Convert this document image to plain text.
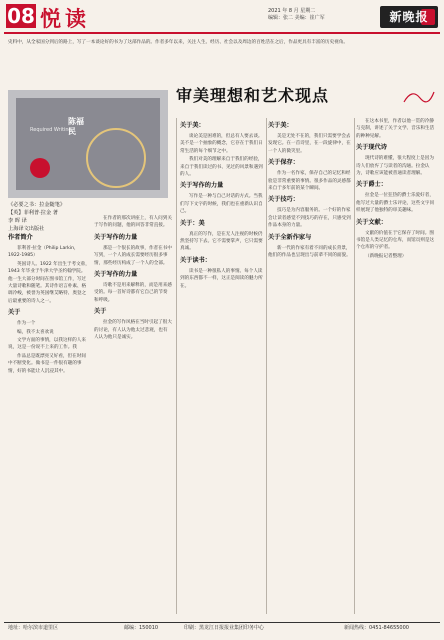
08 悦读	2021 年 8 月 星期二
编辑：张二 美编：崔广军	新晚报
史料中，从全家国分到后的路上，写了一本谈论好的书为了这部作品的。作者多年以来，关注人生、经历、社会以及周边的百姓活在之后，作品更具有丰富的历史视角。
Required Writing
陈福民
《必要之书：拉金随笔》
【英】菲利普·拉金 著
李 晖 译
上海译文出版社
审美理想和艺术现点
作者简介

菲利普·拉金（Philip Larkin，1922-1985）

英国诗人。1922 年出生于考文垂，1943 年毕业于牛津大学圣约翰学院。他一生大部分时间在图书馆工作，写过大量诗歌和随笔。其诗作语言朴素、格调冷峻，被誉为英国继艾略特、奥登之后最重要的诗人之一。

关于

作为一个

编，我不太喜欢说

文学方面的事情，以我这样的人来说，这是一份说不上来的工作。我

作品总是既漂亮又好看，但在时间中不断变化。做书是一件很有趣的事情，好的书能让人沉浸其中。

在作者的那次讲座上，有人问到关于写作的问题，他的回答非常直接。

关于写作的力量

那是一个很长的故事，作者在书中写到，一个人的成长需要经历很多事情，那些经历构成了一个人的全部。

关于写作的力量

诗歌不是用来解释的，而是用来感受的。每一首好诗都有它自己的节奏和呼吸。

关于

拉金的写作风格在当时引起了很大的讨论，有人认为他太过悲观，也有人认为他只是诚实。

关于美：

谈论美是困难的，但总有人要去谈。美不是一个抽象的概念，它存在于我们日常生活的每个细节之中。

我们对美的理解来自于我们的经验，来自于我们读过的书、见过的风景和遇到的人。

关于写作的力量

写作是一种与自己对话的方式。当我们写下文字的时候，我们也在重新认识自己。

关于：美

真正的写作，是在无人注视的时候仍然坚持写下去。它不需要掌声，它只需要真诚。

关于读书：

读书是一种很私人的事情。每个人读到的东西都不一样，这正是阅读的魅力所在。

关于美：

美是无处不在的，我们只需要学会去发现它。在一首诗里，在一段旋律中，在一个人的微笑里。

关于保存：

作为一名作家，保存自己的记忆和经验是非常重要的事情。很多作品的灵感都来自于多年前的某个瞬间。

关于技巧：

技巧是为内容服务的。一个好的作家会让读者感觉不到技巧的存在，只感受到作品本身的力量。

关于全新作家与

新一代的作家有着不同的成长背景，他们的作品也呈现出与前辈不同的面貌。

在这本书里，作者以他一贯的冷静与克制，讲述了关于文学、音乐和生活的种种见解。

关于现代诗

现代诗的难懂，很大程度上是因为诗人们放弃了与读者的沟通。拉金认为，诗歌应该能被普通读者理解。

关于爵士：

拉金是一位狂热的爵士乐爱好者，他写过大量的爵士乐评论，这些文字同样展现了他独特的审美趣味。

关于文献：

文献的价值在于它保存了时间。图书馆是人类记忆的仓库，而馆员则是这个仓库的守护者。

（新晚报记者整理）

地址：哈尔滨市道里区	邮编：150010	印刷：黑龙江日报报业集团印务中心	新闻热线：0451-84655000
